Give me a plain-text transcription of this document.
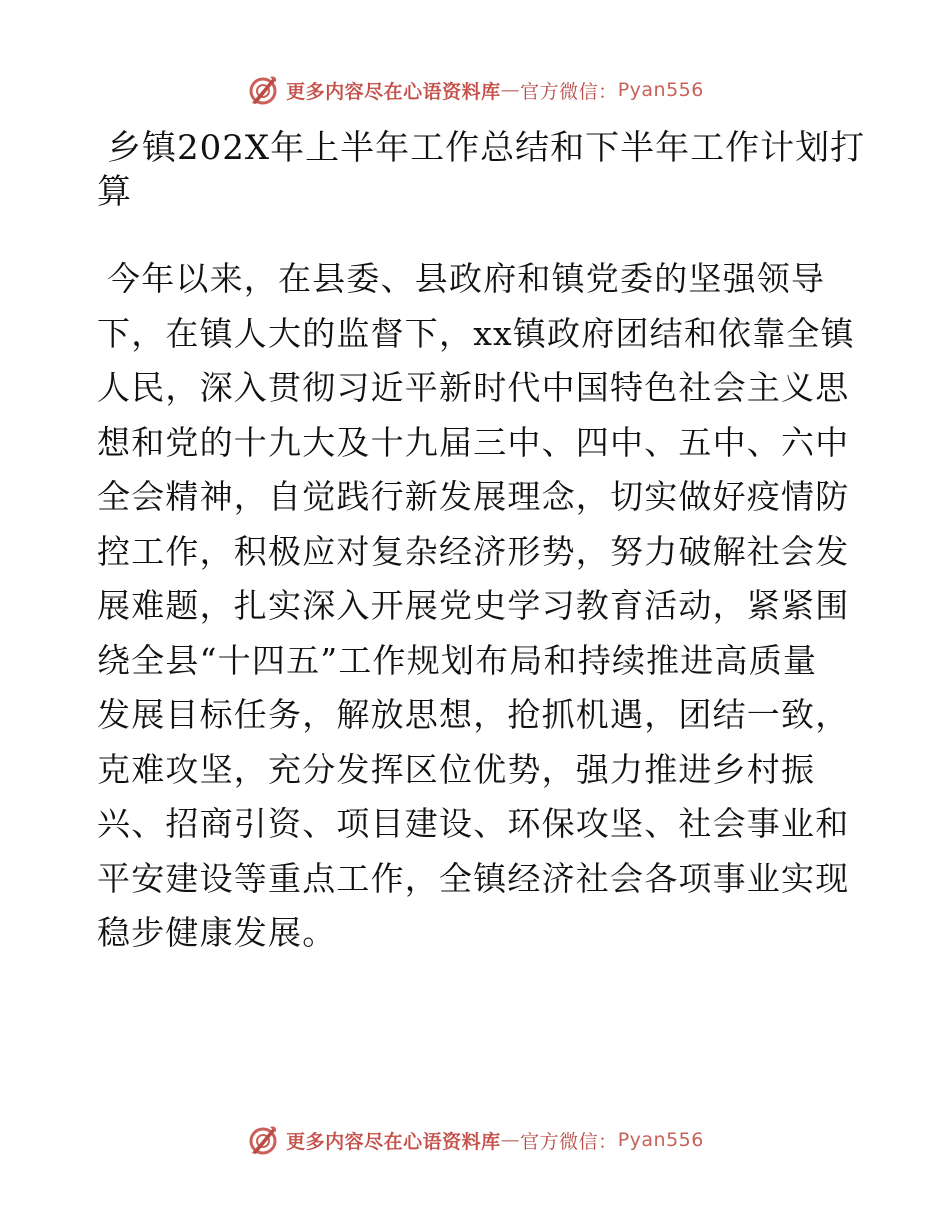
更多内容尽在心语资料库 — 官方微信： Pyan556
乡镇202X年上半年工作总结和下半年工作计划打
算
今年以来，在县委、县政府和镇党委的坚强领导
下，在镇人大的监督下，xx镇政府团结和依靠全镇
人民，深入贯彻习近平新时代中国特色社会主义思
想和党的十九大及十九届三中、四中、五中、六中
全会精神，自觉践行新发展理念，切实做好疫情防
控工作，积极应对复杂经济形势，努力破解社会发
展难题，扎实深入开展党史学习教育活动，紧紧围
绕全县“十四五”工作规划布局和持续推进高质量
发展目标任务，解放思想，抢抓机遇，团结一致，
克难攻坚，充分发挥区位优势，强力推进乡村振
兴、招商引资、项目建设、环保攻坚、社会事业和
平安建设等重点工作，全镇经济社会各项事业实现
稳步健康发展。
更多内容尽在心语资料库 — 官方微信： Pyan556
